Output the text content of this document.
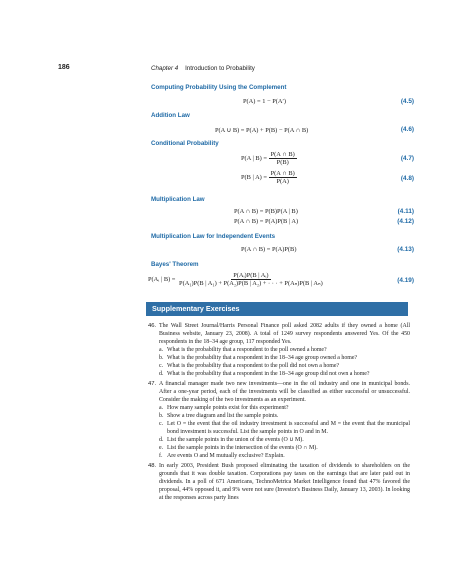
186	Chapter 4 Introduction to Probability
Computing Probability Using the Complement
P(A) = 1 − P(A′)	(4.5)
Addition Law
P(A ∪ B) = P(A) + P(B) − P(A ∩ B)	(4.6)
Conditional Probability
P(A | $B) = \frac{P(A \cap B)}{P(B)}$	(4.7)
P(B | $A) = \frac{P(A \cap B)}{P(A)}$	(4.8)
Multiplication Law
P(A ∩ B) = P(B)P(A | B)	(4.11)
P(A ∩ B) = P(A)P(B | A)	(4.12)
Multiplication Law for Independent Events
P(A ∩ B) = P(A)P(B)	(4.13)
Bayes' Theorem
P(Aᵢ | $B) = \frac{\text{P(Aᵢ)P(B | Aᵢ)}}{\text{P(A₁)P(B | A₁) + P(A₂)P(B | A₂) + · · · + P(Aₙ)P(B | Aₙ)}}$	(4.19)
Supplementary Exercises
46. The Wall Street Journal/Harris Personal Finance poll asked 2082 adults if they owned a home (All Business website, January 23, 2008). A total of 1249 survey respondents answered Yes. Of the 450 respondents in the 18–34 age group, 117 responded Yes.
a. What is the probability that a respondent to the poll owned a home?
b. What is the probability that a respondent in the 18–34 age group owned a home?
c. What is the probability that a respondent to the poll did not own a home?
d. What is the probability that a respondent in the 18–34 age group did not own a home?
47. A financial manager made two new investments—one in the oil industry and one in municipal bonds. After a one-year period, each of the investments will be classified as either successful or unsuccessful. Consider the making of the two investments as an experiment.
a. How many sample points exist for this experiment?
b. Show a tree diagram and list the sample points.
c. Let O = the event that the oil industry investment is successful and M = the event that the municipal bond investment is successful. List the sample points in O and in M.
d. List the sample points in the union of the events (O ∪ M).
e. List the sample points in the intersection of the events (O ∩ M).
f. Are events O and M mutually exclusive? Explain.
48. In early 2003, President Bush proposed eliminating the taxation of dividends to shareholders on the grounds that it was double taxation. Corporations pay taxes on the earnings that are later paid out in dividends. In a poll of 671 Americans, TechnoMetrica Market Intelligence found that 47% favored the proposal, 44% opposed it, and 9% were not sure (Investor's Business Daily, January 13, 2003). In looking at the responses across party lines
